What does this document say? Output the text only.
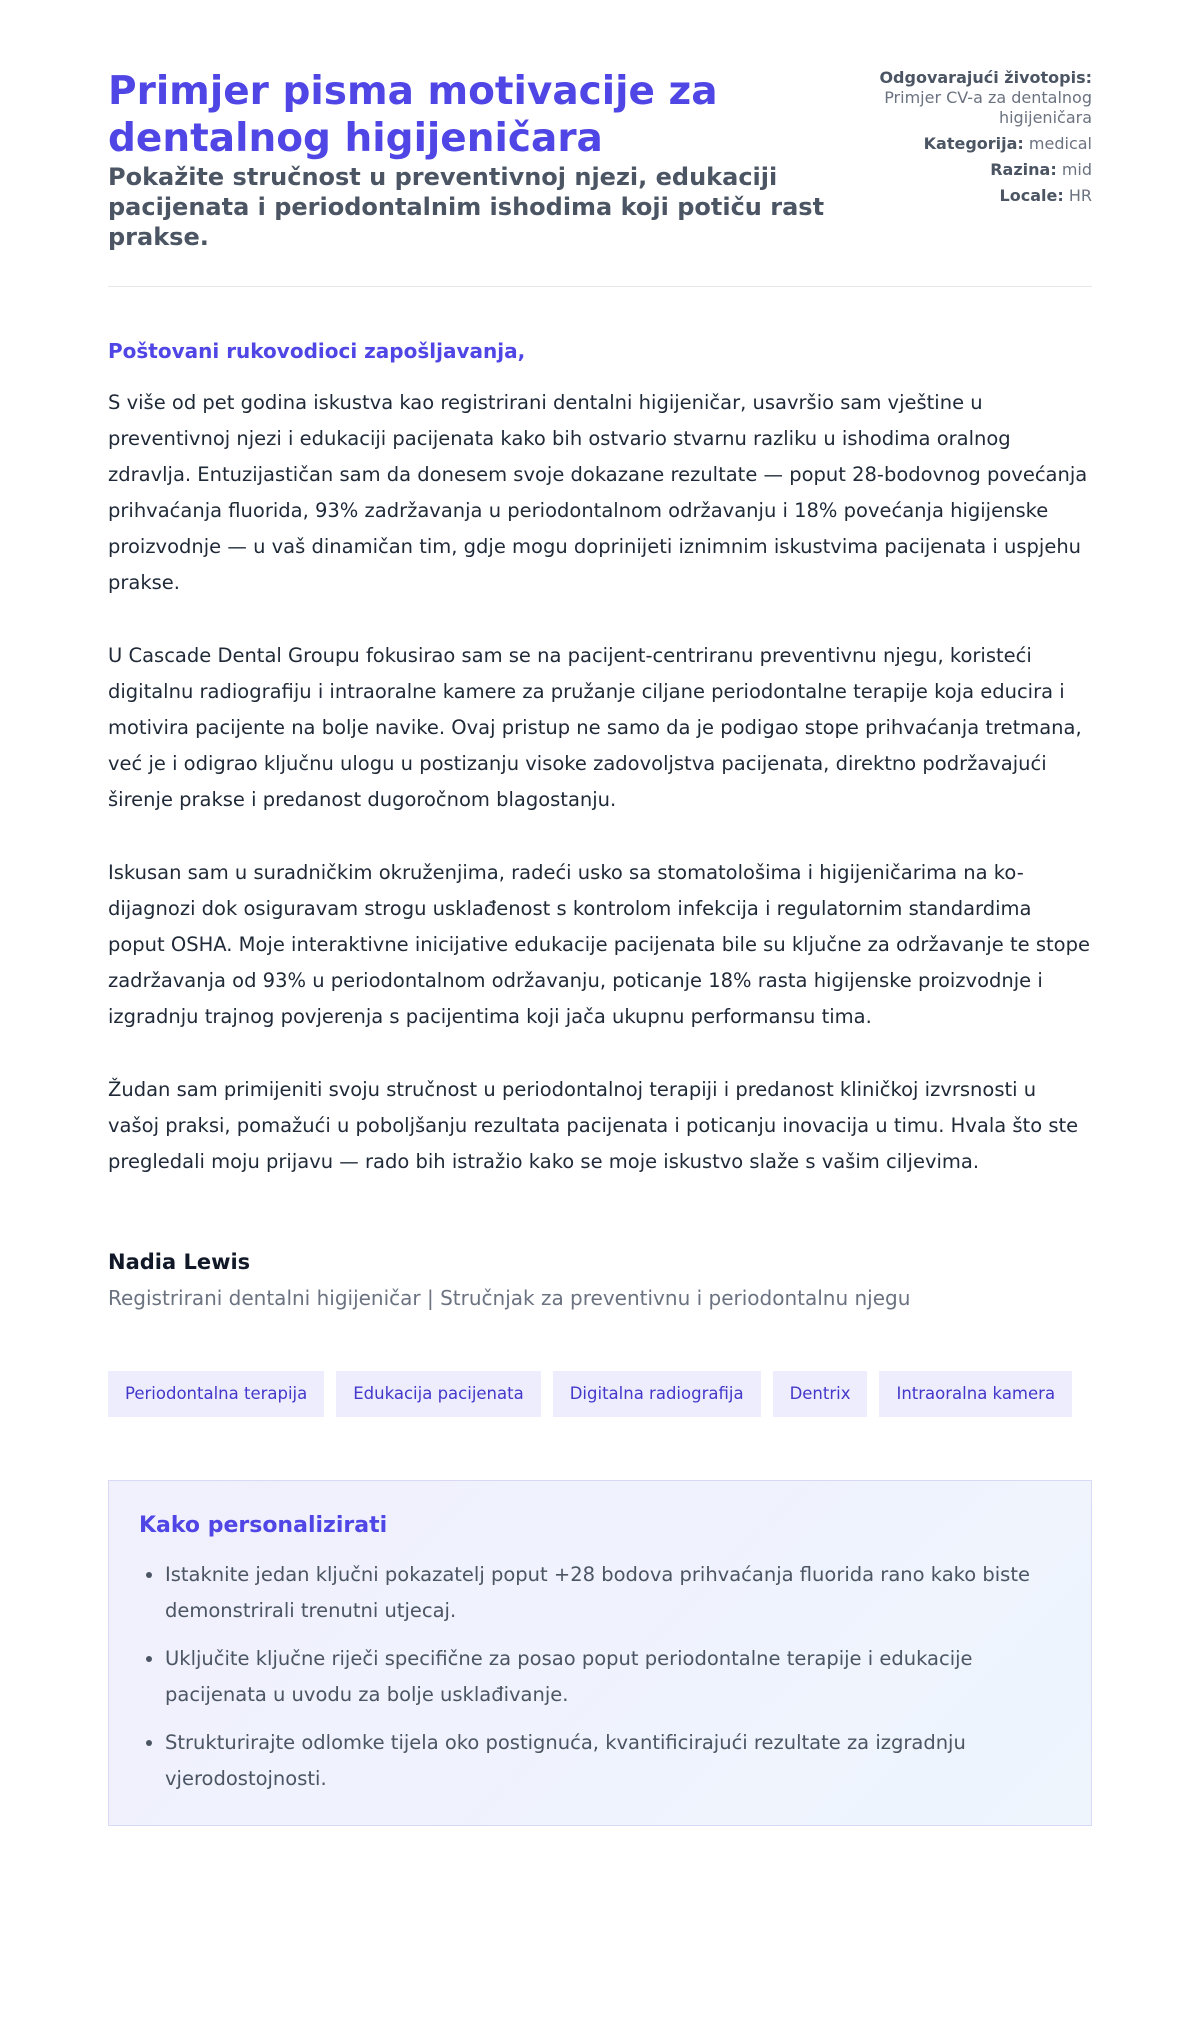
Primjer pisma motivacije za dentalnog higijeničara

Pokažite stručnost u preventivnoj njezi, edukaciji pacijenata i periodontalnim ishodima koji potiču rast prakse.

Odgovarajući životopis:
Primjer CV-a za dentalnog higijeničara
Kategorija: medical
Razina: mid
Locale: HR

Poštovani rukovodioci zapošljavanja,

S više od pet godina iskustva kao registrirani dentalni higijeničar, usavršio sam vještine u preventivnoj njezi i edukaciji pacijenata kako bih ostvario stvarnu razliku u ishodima oralnog zdravlja. Entuzijastičan sam da donesem svoje dokazane rezultate — poput 28-bodovnog povećanja prihvaćanja fluorida, 93% zadržavanja u periodontalnom održavanju i 18% povećanja higijenske proizvodnje — u vaš dinamičan tim, gdje mogu doprinijeti iznimnim iskustvima pacijenata i uspjehu prakse.

U Cascade Dental Groupu fokusirao sam se na pacijent-centriranu preventivnu njegu, koristeći digitalnu radiografiju i intraoralne kamere za pružanje ciljane periodontalne terapije koja educira i motivira pacijente na bolje navike. Ovaj pristup ne samo da je podigao stope prihvaćanja tretmana, već je i odigrao ključnu ulogu u postizanju visoke zadovoljstva pacijenata, direktno podržavajući širenje prakse i predanost dugoročnom blagostanju.

Iskusan sam u suradničkim okruženjima, radeći usko sa stomatološima i higijeničarima na ko-dijagnozi dok osiguravam strogu usklađenost s kontrolom infekcija i regulatornim standardima poput OSHA. Moje interaktivne inicijative edukacije pacijenata bile su ključne za održavanje te stope zadržavanja od 93% u periodontalnom održavanju, poticanje 18% rasta higijenske proizvodnje i izgradnju trajnog povjerenja s pacijentima koji jača ukupnu performansu tima.

Žudan sam primijeniti svoju stručnost u periodontalnoj terapiji i predanost kliničkoj izvrsnosti u vašoj praksi, pomažući u poboljšanju rezultata pacijenata i poticanju inovacija u timu. Hvala što ste pregledali moju prijavu — rado bih istražio kako se moje iskustvo slaže s vašim ciljevima.

Nadia Lewis

Registrirani dentalni higijeničar | Stručnjak za preventivnu i periodontalnu njegu

Periodontalna terapija	Edukacija pacijenata	Digitalna radiografija	Dentrix	Intraoralna kamera
Kako personalizirati
• Istaknite jedan ključni pokazatelj poput +28 bodova prihvaćanja fluorida rano kako biste demonstrirali trenutni utjecaj.
• Uključite ključne riječi specifične za posao poput periodontalne terapije i edukacije pacijenata u uvodu za bolje usklađivanje.
• Strukturirajte odlomke tijela oko postignuća, kvantificirajući rezultate za izgradnju vjerodostojnosti.
